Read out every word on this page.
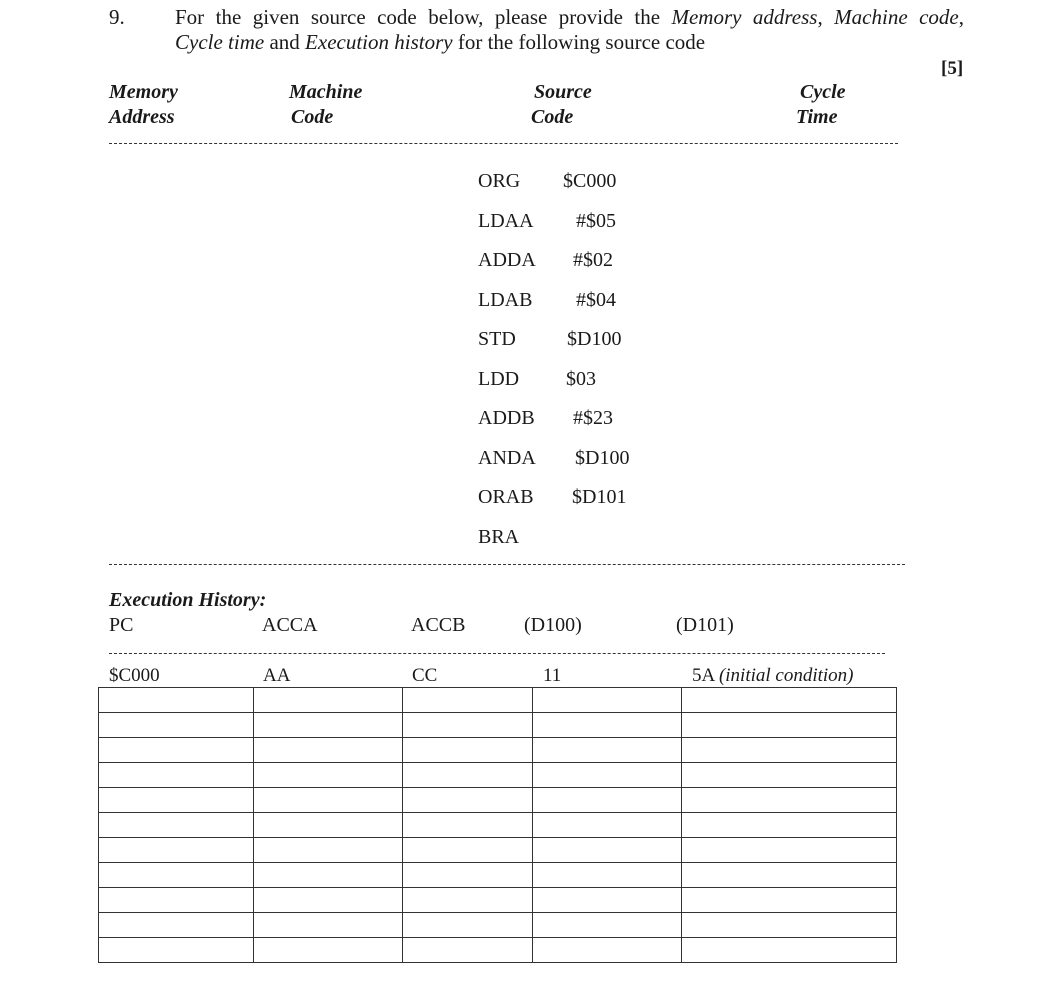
9. For the given source code below, please provide the Memory address, Machine code,
Cycle time and Execution history for the following source code
[5]
Memory
Address
Machine
Code
Source
Code
Cycle
Time
ORG $C000
LDAA #$05
ADDA #$02
LDAB #$04
STD	$D100
LDD $03
ADDB #$23
ANDA $D100
ORAB $D101
BRA
Execution History:
PC	ACCA	ACCB	(D100)	(D101)
$C000	AA	CC	11	5A (initial condition)
